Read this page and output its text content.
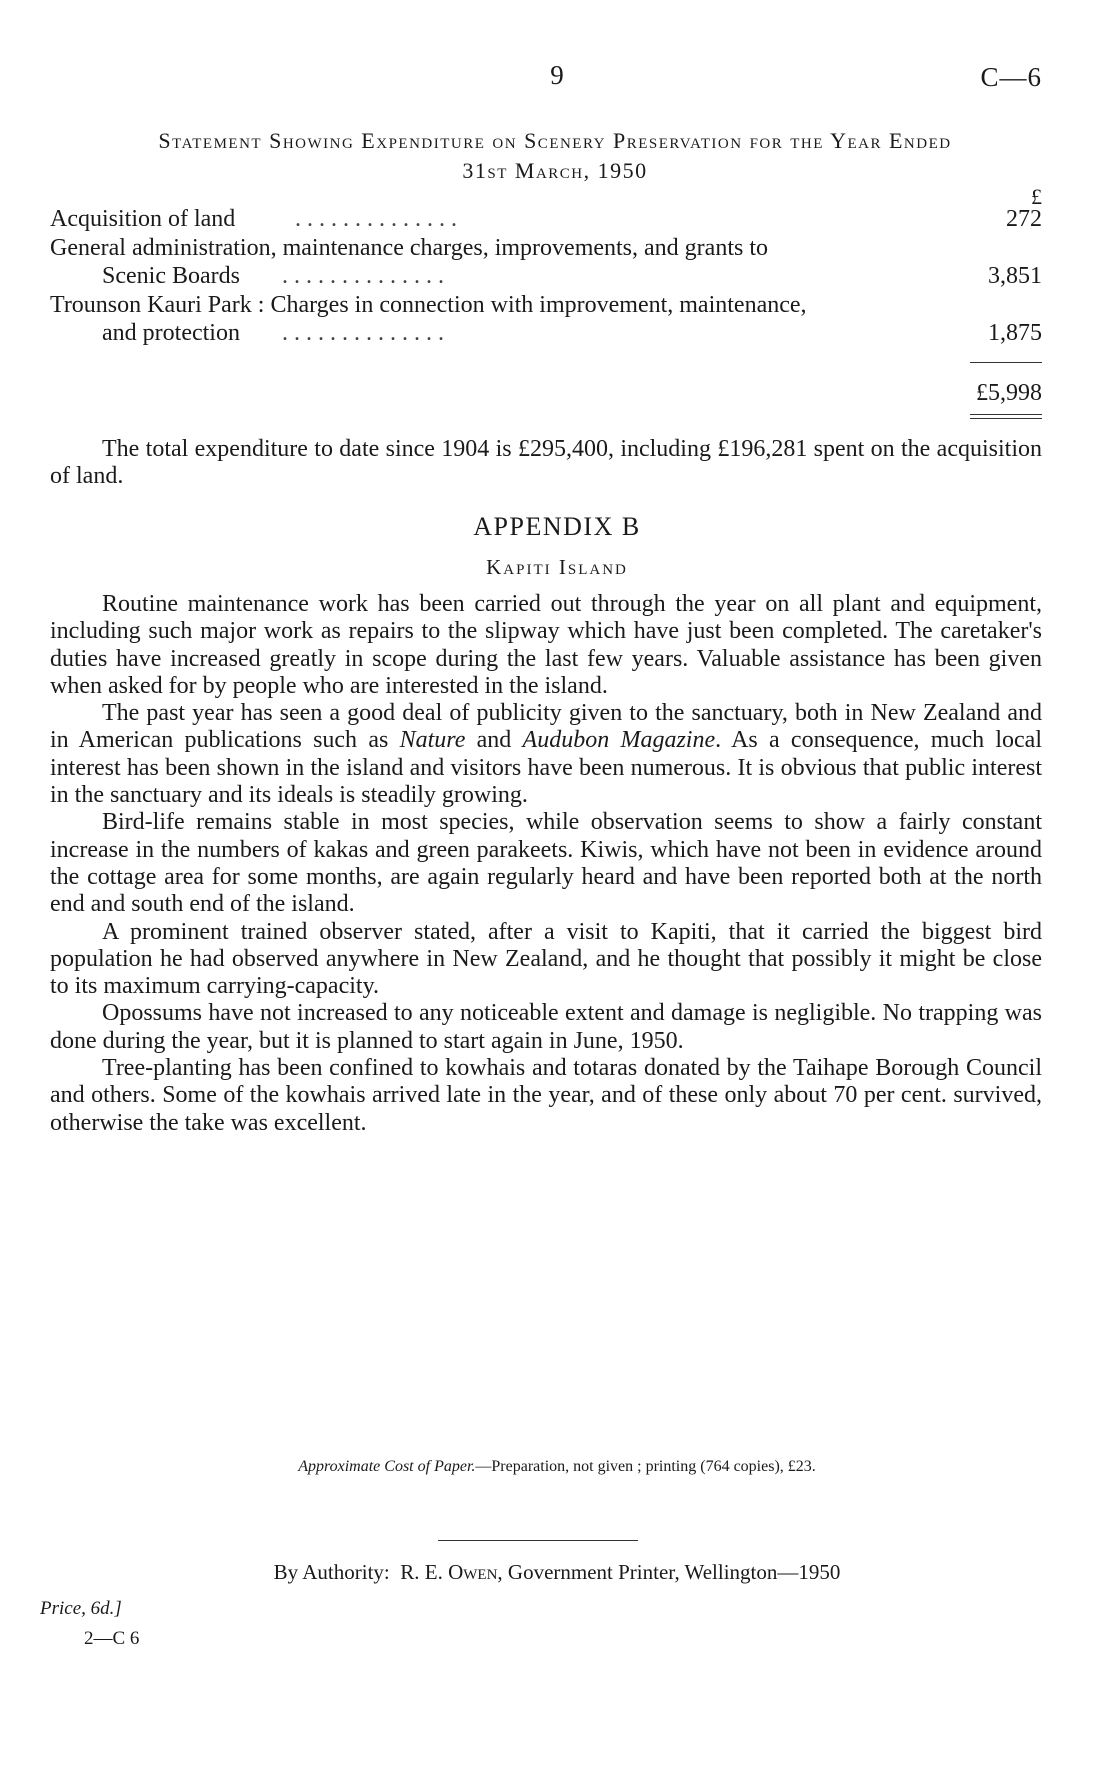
9	C—6
Statement Showing Expenditure on Scenery Preservation for the Year Ended
31st March, 1950
£
Acquisition of land . . . . . . . . . . . . . .	272
General administration, maintenance charges, improvements, and grants to
Scenic Boards . . . . . . . . . . . . . .	3,851
Trounson Kauri Park : Charges in connection with improvement, maintenance,
and protection . . . . . . . . . . . . . .	1,875
£5,998

The total expenditure to date since 1904 is £295,400, including £196,281 spent on the acquisition of land.

APPENDIX B
Kapiti Island

Routine maintenance work has been carried out through the year on all plant and equipment, including such major work as repairs to the slipway which have just been completed. The caretaker's duties have increased greatly in scope during the last few years. Valuable assistance has been given when asked for by people who are interested in the island.

The past year has seen a good deal of publicity given to the sanctuary, both in New Zealand and in American publications such as Nature and Audubon Magazine. As a consequence, much local interest has been shown in the island and visitors have been numerous. It is obvious that public interest in the sanctuary and its ideals is steadily growing.

Bird-life remains stable in most species, while observation seems to show a fairly constant increase in the numbers of kakas and green parakeets. Kiwis, which have not been in evidence around the cottage area for some months, are again regularly heard and have been reported both at the north end and south end of the island.

A prominent trained observer stated, after a visit to Kapiti, that it carried the biggest bird population he had observed anywhere in New Zealand, and he thought that possibly it might be close to its maximum carrying-capacity.

Opossums have not increased to any noticeable extent and damage is negligible. No trapping was done during the year, but it is planned to start again in June, 1950.

Tree-planting has been confined to kowhais and totaras donated by the Taihape Borough Council and others. Some of the kowhais arrived late in the year, and of these only about 70 per cent. survived, otherwise the take was excellent.

Approximate Cost of Paper.—Preparation, not given ; printing (764 copies), £23.
By Authority: R. E. Owen, Government Printer, Wellington—1950
Price, 6d.]
2—C 6
